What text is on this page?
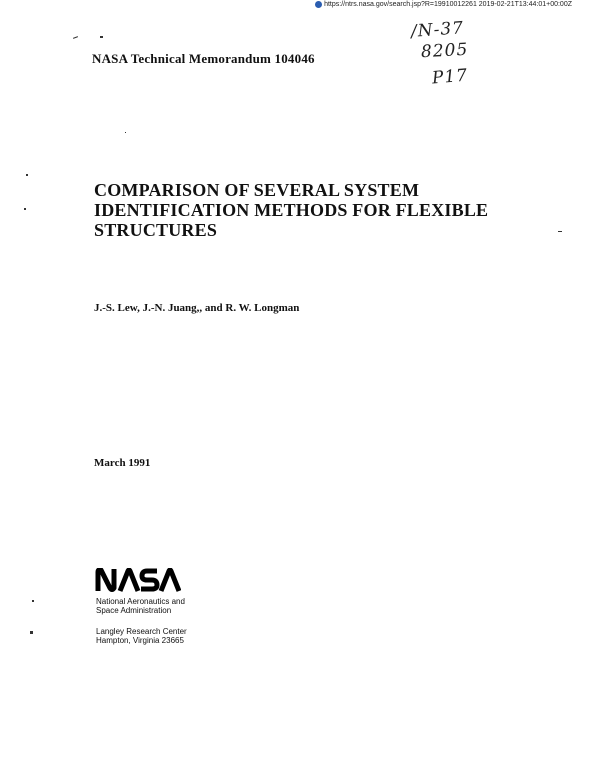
https://ntrs.nasa.gov/search.jsp?R=19910012261 2019-02-21T13:44:01+00:00Z
NASA Technical Memorandum 104046
/N-37
8205
P17
COMPARISON OF SEVERAL SYSTEM
IDENTIFICATION METHODS FOR FLEXIBLE
STRUCTURES
J.-S. Lew, J.-N. Juang,, and R. W. Longman
March 1991
National Aeronautics and
Space Administration
Langley Research Center
Hampton, Virginia 23665
